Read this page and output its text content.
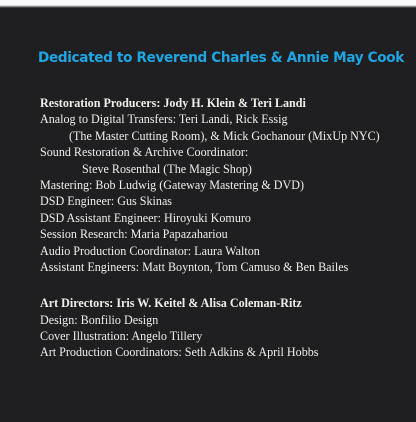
Dedicated to Reverend Charles & Annie May Cook
Restoration Producers: Jody H. Klein & Teri Landi
Analog to Digital Transfers: Teri Landi, Rick Essig
(The Master Cutting Room), & Mick Gochanour (MixUp NYC)
Sound Restoration & Archive Coordinator:
Steve Rosenthal (The Magic Shop)
Mastering: Bob Ludwig (Gateway Mastering & DVD)
DSD Engineer: Gus Skinas
DSD Assistant Engineer: Hiroyuki Komuro
Session Research: Maria Papazahariou
Audio Production Coordinator: Laura Walton
Assistant Engineers: Matt Boynton, Tom Camuso & Ben Bailes
Art Directors: Iris W. Keitel & Alisa Coleman-Ritz
Design: Bonfilio Design
Cover Illustration: Angelo Tillery
Art Production Coordinators: Seth Adkins & April Hobbs
